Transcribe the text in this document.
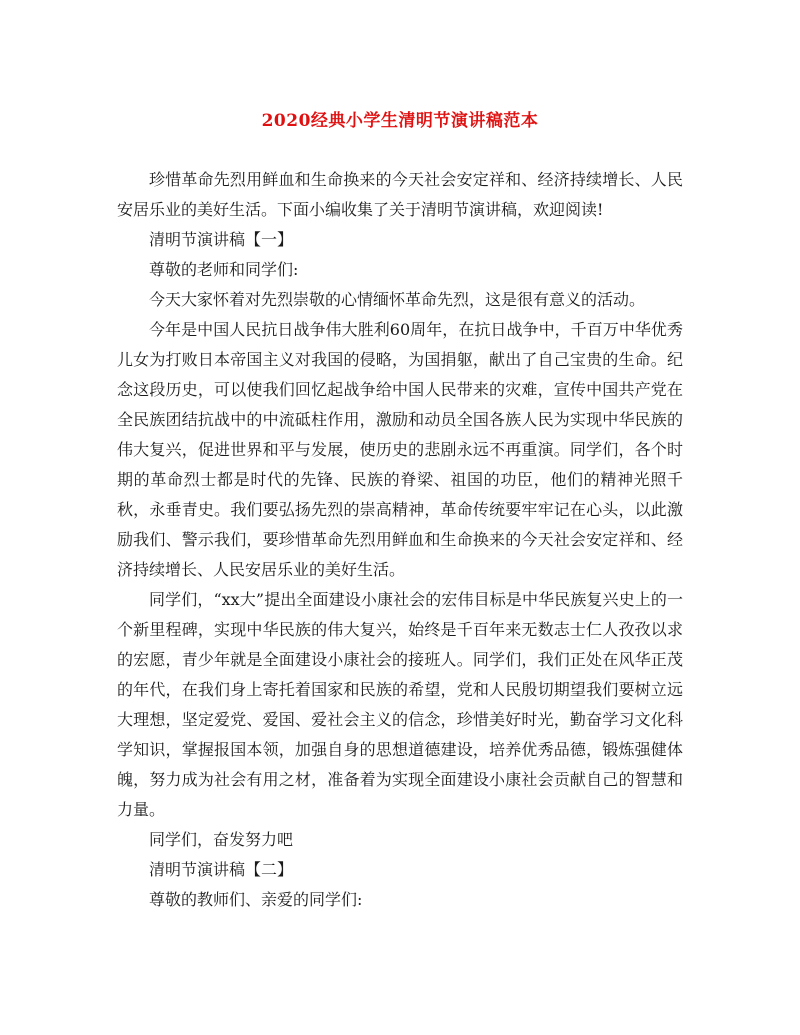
2020经典小学生清明节演讲稿范本

珍惜革命先烈用鲜血和生命换来的今天社会安定祥和、经济持续增长、人民安居乐业的美好生活。下面小编收集了关于清明节演讲稿，欢迎阅读!

清明节演讲稿【一】

尊敬的老师和同学们:

今天大家怀着对先烈崇敬的心情缅怀革命先烈，这是很有意义的活动。

今年是中国人民抗日战争伟大胜利60周年，在抗日战争中，千百万中华优秀儿女为打败日本帝国主义对我国的侵略，为国捐躯，献出了自己宝贵的生命。纪念这段历史，可以使我们回忆起战争给中国人民带来的灾难，宣传中国共产党在全民族团结抗战中的中流砥柱作用，激励和动员全国各族人民为实现中华民族的伟大复兴，促进世界和平与发展，使历史的悲剧永远不再重演。同学们，各个时期的革命烈士都是时代的先锋、民族的脊梁、祖国的功臣，他们的精神光照千秋，永垂青史。我们要弘扬先烈的崇高精神，革命传统要牢牢记在心头，以此激励我们、警示我们，要珍惜革命先烈用鲜血和生命换来的今天社会安定祥和、经济持续增长、人民安居乐业的美好生活。

同学们，“xx大”提出全面建设小康社会的宏伟目标是中华民族复兴史上的一个新里程碑，实现中华民族的伟大复兴，始终是千百年来无数志士仁人孜孜以求的宏愿，青少年就是全面建设小康社会的接班人。同学们，我们正处在风华正茂的年代，在我们身上寄托着国家和民族的希望，党和人民殷切期望我们要树立远大理想，坚定爱党、爱国、爱社会主义的信念，珍惜美好时光，勤奋学习文化科学知识，掌握报国本领，加强自身的思想道德建设，培养优秀品德，锻炼强健体魄，努力成为社会有用之材，准备着为实现全面建设小康社会贡献自己的智慧和力量。

同学们，奋发努力吧

清明节演讲稿【二】

尊敬的教师们、亲爱的同学们:
